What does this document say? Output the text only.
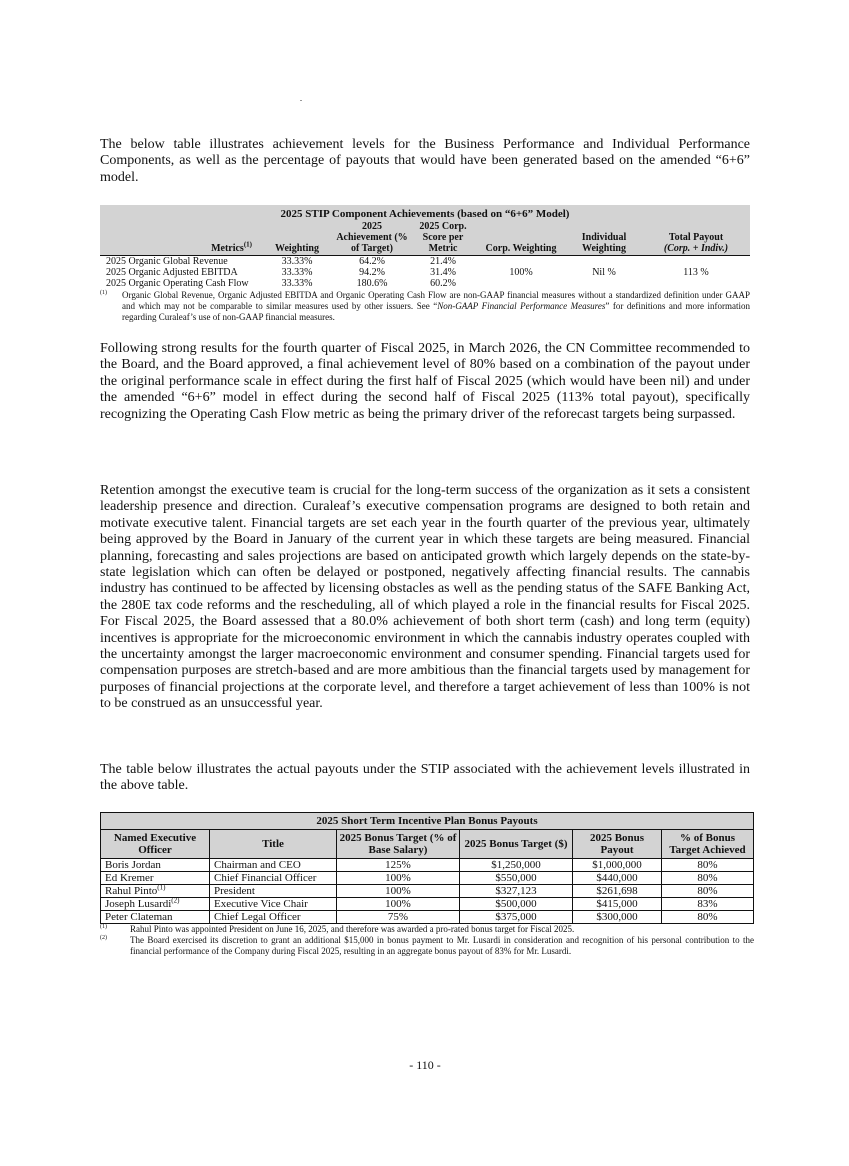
The below table illustrates achievement levels for the Business Performance and Individual Performance Components, as well as the percentage of payouts that would have been generated based on the amended “6+6” model.

2025 STIP Component Achievements (based on “6+6” Model)						
Metrics$^{(1)}$	Weighting	2025 Achievement (% of Target)	2025 Corp. Score per Metric	Corp. Weighting	Individual Weighting	Total Payout
(Corp. + Indiv.)
2025 Organic Global Revenue	33.33%	64.2%	21.4%			
2025 Organic Adjusted EBITDA	33.33%	94.2%	31.4%	100%	Nil %	113 %
2025 Organic Operating Cash Flow	33.33%	180.6%	60.2%			
(1) Organic Global Revenue, Organic Adjusted EBITDA and Organic Operating Cash Flow are non-GAAP financial measures without a standardized definition under GAAP and which may not be comparable to similar measures used by other issuers. See “Non-GAAP Financial Performance Measures” for definitions and more information regarding Curaleaf’s use of non-GAAP financial measures.

Following strong results for the fourth quarter of Fiscal 2025, in March 2026, the CN Committee recommended to the Board, and the Board approved, a final achievement level of 80% based on a combination of the payout under the original performance scale in effect during the first half of Fiscal 2025 (which would have been nil) and under the amended “6+6” model in effect during the second half of Fiscal 2025 (113% total payout), specifically recognizing the Operating Cash Flow metric as being the primary driver of the reforecast targets being surpassed.

Retention amongst the executive team is crucial for the long-term success of the organization as it sets a consistent leadership presence and direction. Curaleaf’s executive compensation programs are designed to both retain and motivate executive talent. Financial targets are set each year in the fourth quarter of the previous year, ultimately being approved by the Board in January of the current year in which these targets are being measured. Financial planning, forecasting and sales projections are based on anticipated growth which largely depends on the state-by-state legislation which can often be delayed or postponed, negatively affecting financial results. The cannabis industry has continued to be affected by licensing obstacles as well as the pending status of the SAFE Banking Act, the 280E tax code reforms and the rescheduling, all of which played a role in the financial results for Fiscal 2025. For Fiscal 2025, the Board assessed that a 80.0% achievement of both short term (cash) and long term (equity) incentives is appropriate for the microeconomic environment in which the cannabis industry operates coupled with the uncertainty amongst the larger macroeconomic environment and consumer spending. Financial targets used for compensation purposes are stretch-based and are more ambitious than the financial targets used by management for purposes of financial projections at the corporate level, and therefore a target achievement of less than 100% is not to be construed as an unsuccessful year.

The table below illustrates the actual payouts under the STIP associated with the achievement levels illustrated in the above table.

2025 Short Term Incentive Plan Bonus Payouts					
Named Executive Officer	Title	2025 Bonus Target (% of Base Salary)	2025 Bonus Target ($)	2025 Bonus Payout	% of Bonus Target Achieved
Boris Jordan	Chairman and CEO	125%	$1,250,000	$1,000,000	80%
Ed Kremer	Chief Financial Officer	100%	$550,000	$440,000	80%
Rahul Pinto$^{(1)}$	President	100%	$327,123	$261,698	80%
Joseph Lusardi$^{(2)}$	Executive Vice Chair	100%	$500,000	$415,000	83%
Peter Clateman	Chief Legal Officer	75%	$375,000	$300,000	80%
(1)	Rahul Pinto was appointed President on June 16, 2025, and therefore was awarded a pro-rated bonus target for Fiscal 2025.
(2)	The Board exercised its discretion to grant an additional $15,000 in bonus payment to Mr. Lusardi in consideration and recognition of his personal contribution to the financial performance of the Company during Fiscal 2025, resulting in an aggregate bonus payout of 83% for Mr. Lusardi.
- 110 -
